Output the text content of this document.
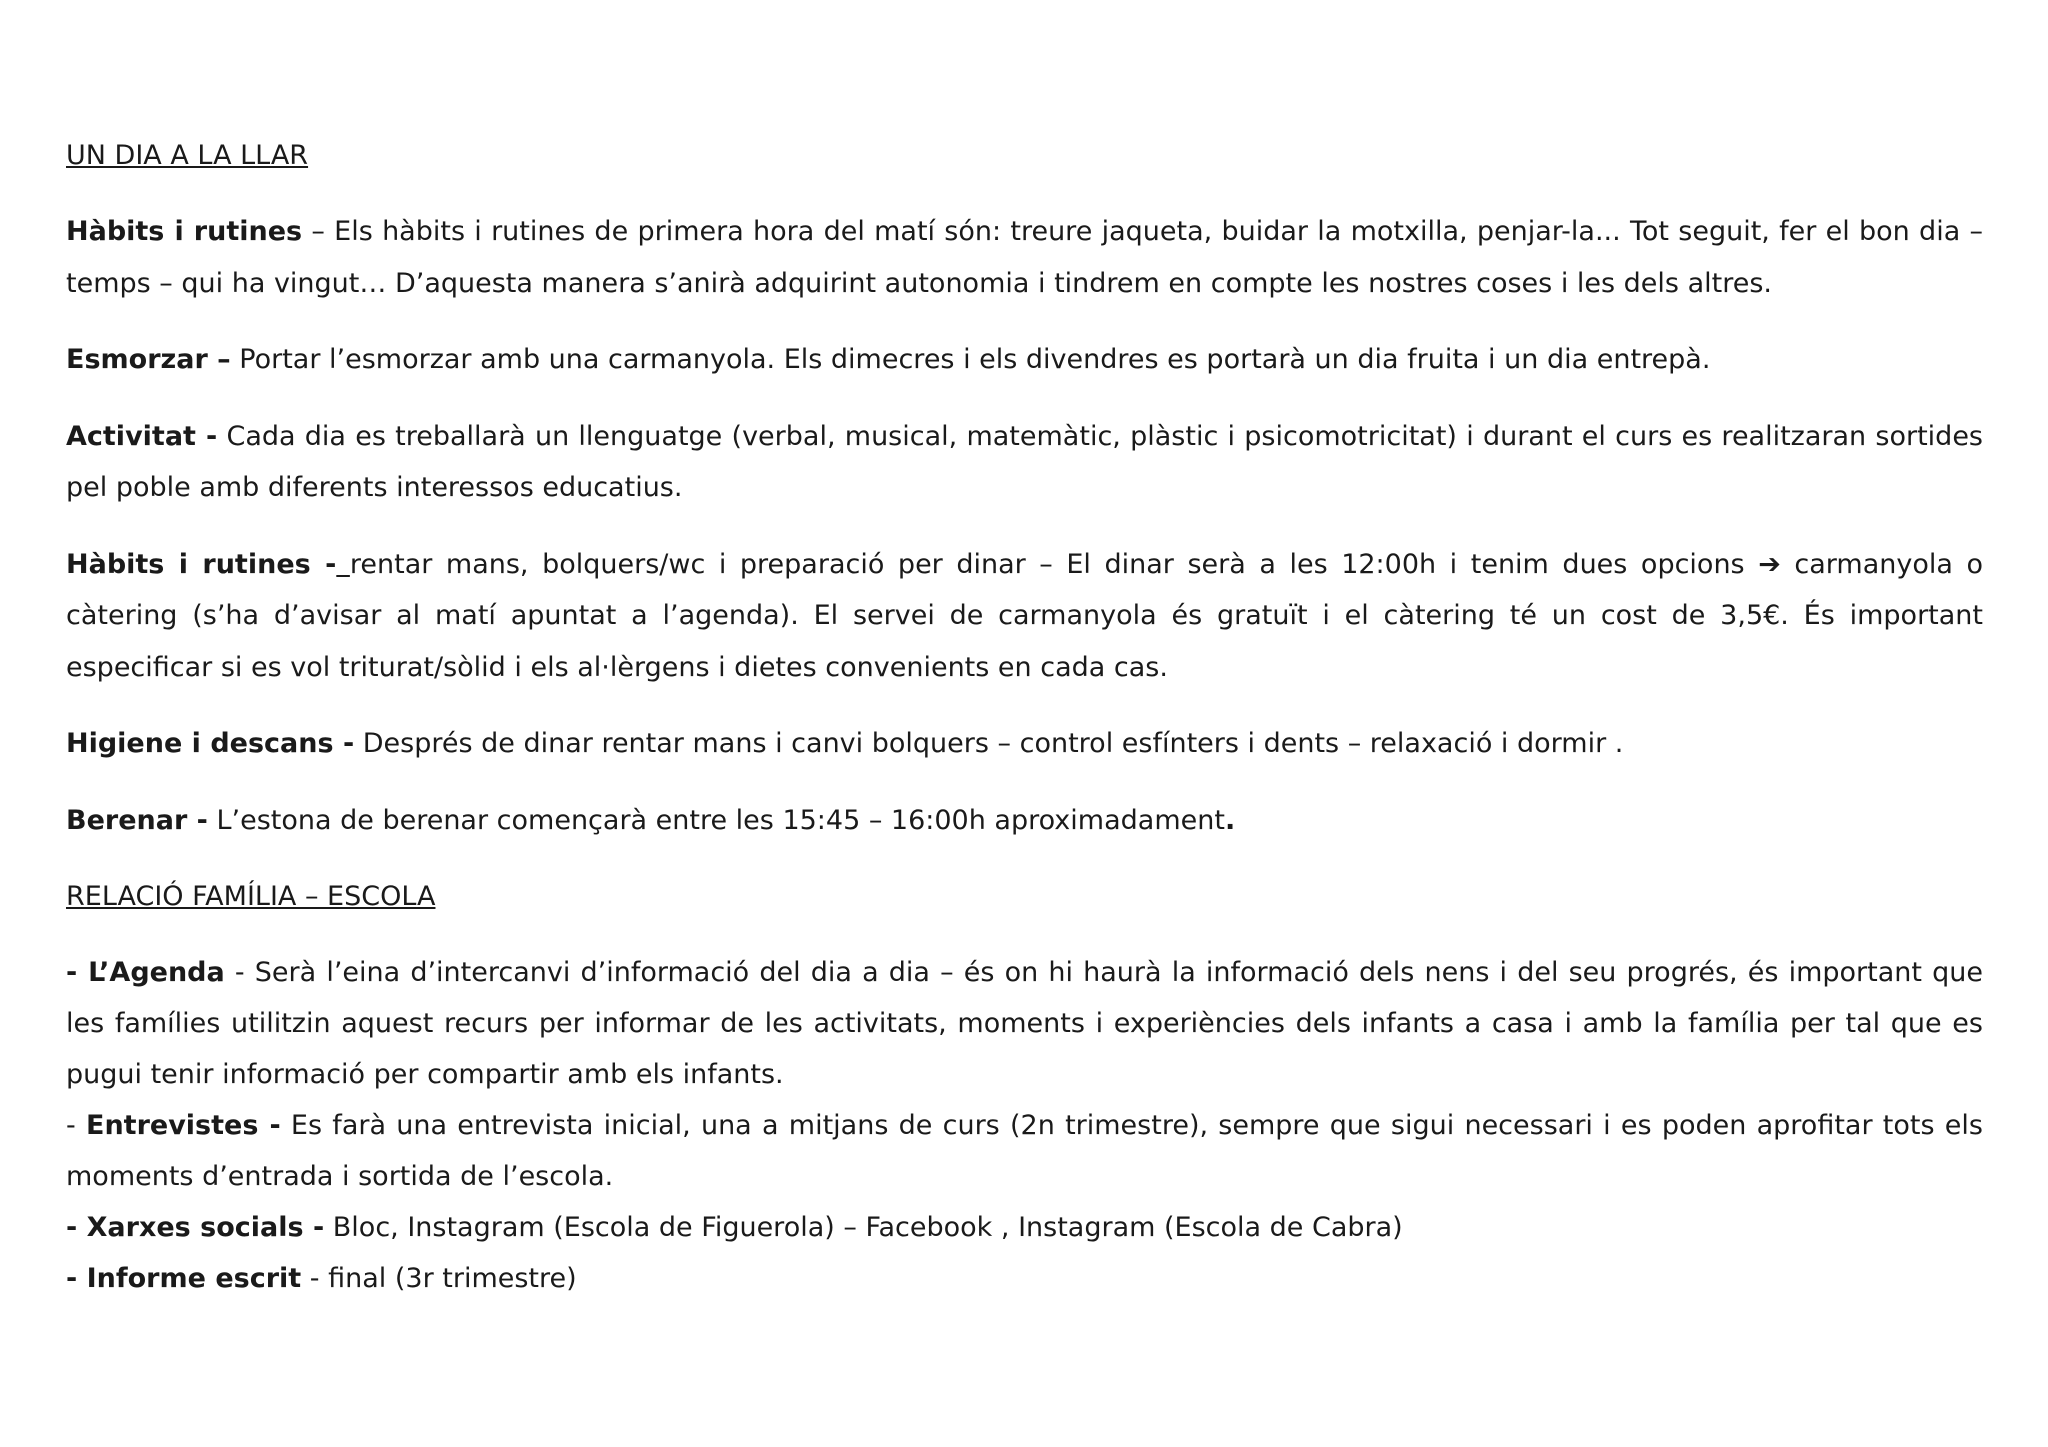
UN DIA A LA LLAR

Hàbits i rutines – Els hàbits i rutines de primera hora del matí són: treure jaqueta, buidar la motxilla, penjar-la... Tot seguit, fer el bon dia – temps – qui ha vingut… D’aquesta manera s’anirà adquirint autonomia i tindrem en compte les nostres coses i les dels altres.

Esmorzar – Portar l’esmorzar amb una carmanyola. Els dimecres i els divendres es portarà un dia fruita i un dia entrepà.

Activitat - Cada dia es treballarà un llenguatge (verbal, musical, matemàtic, plàstic i psicomotricitat) i durant el curs es realitzaran sortides pel poble amb diferents interessos educatius.

Hàbits i rutines - rentar mans, bolquers/wc i preparació per dinar – El dinar serà a les 12:00h i tenim dues opcions ➔ carmanyola o càtering (s’ha d’avisar al matí apuntat a l’agenda). El servei de carmanyola és gratuït i el càtering té un cost de 3,5€. És important especificar si es vol triturat/sòlid i els al·lèrgens i dietes convenients en cada cas.

Higiene i descans - Després de dinar rentar mans i canvi bolquers – control esfínters i dents – relaxació i dormir .

Berenar - L’estona de berenar començarà entre les 15:45 – 16:00h aproximadament.

RELACIÓ FAMÍLIA – ESCOLA

- L’Agenda - Serà l’eina d’intercanvi d’informació del dia a dia – és on hi haurà la informació dels nens i del seu progrés, és important que les famílies utilitzin aquest recurs per informar de les activitats, moments i experiències dels infants a casa i amb la família per tal que es pugui tenir informació per compartir amb els infants.

- Entrevistes - Es farà una entrevista inicial, una a mitjans de curs (2n trimestre), sempre que sigui necessari i es poden aprofitar tots els moments d’entrada i sortida de l’escola.

- Xarxes socials - Bloc, Instagram (Escola de Figuerola) – Facebook , Instagram (Escola de Cabra)

- Informe escrit - final (3r trimestre)
